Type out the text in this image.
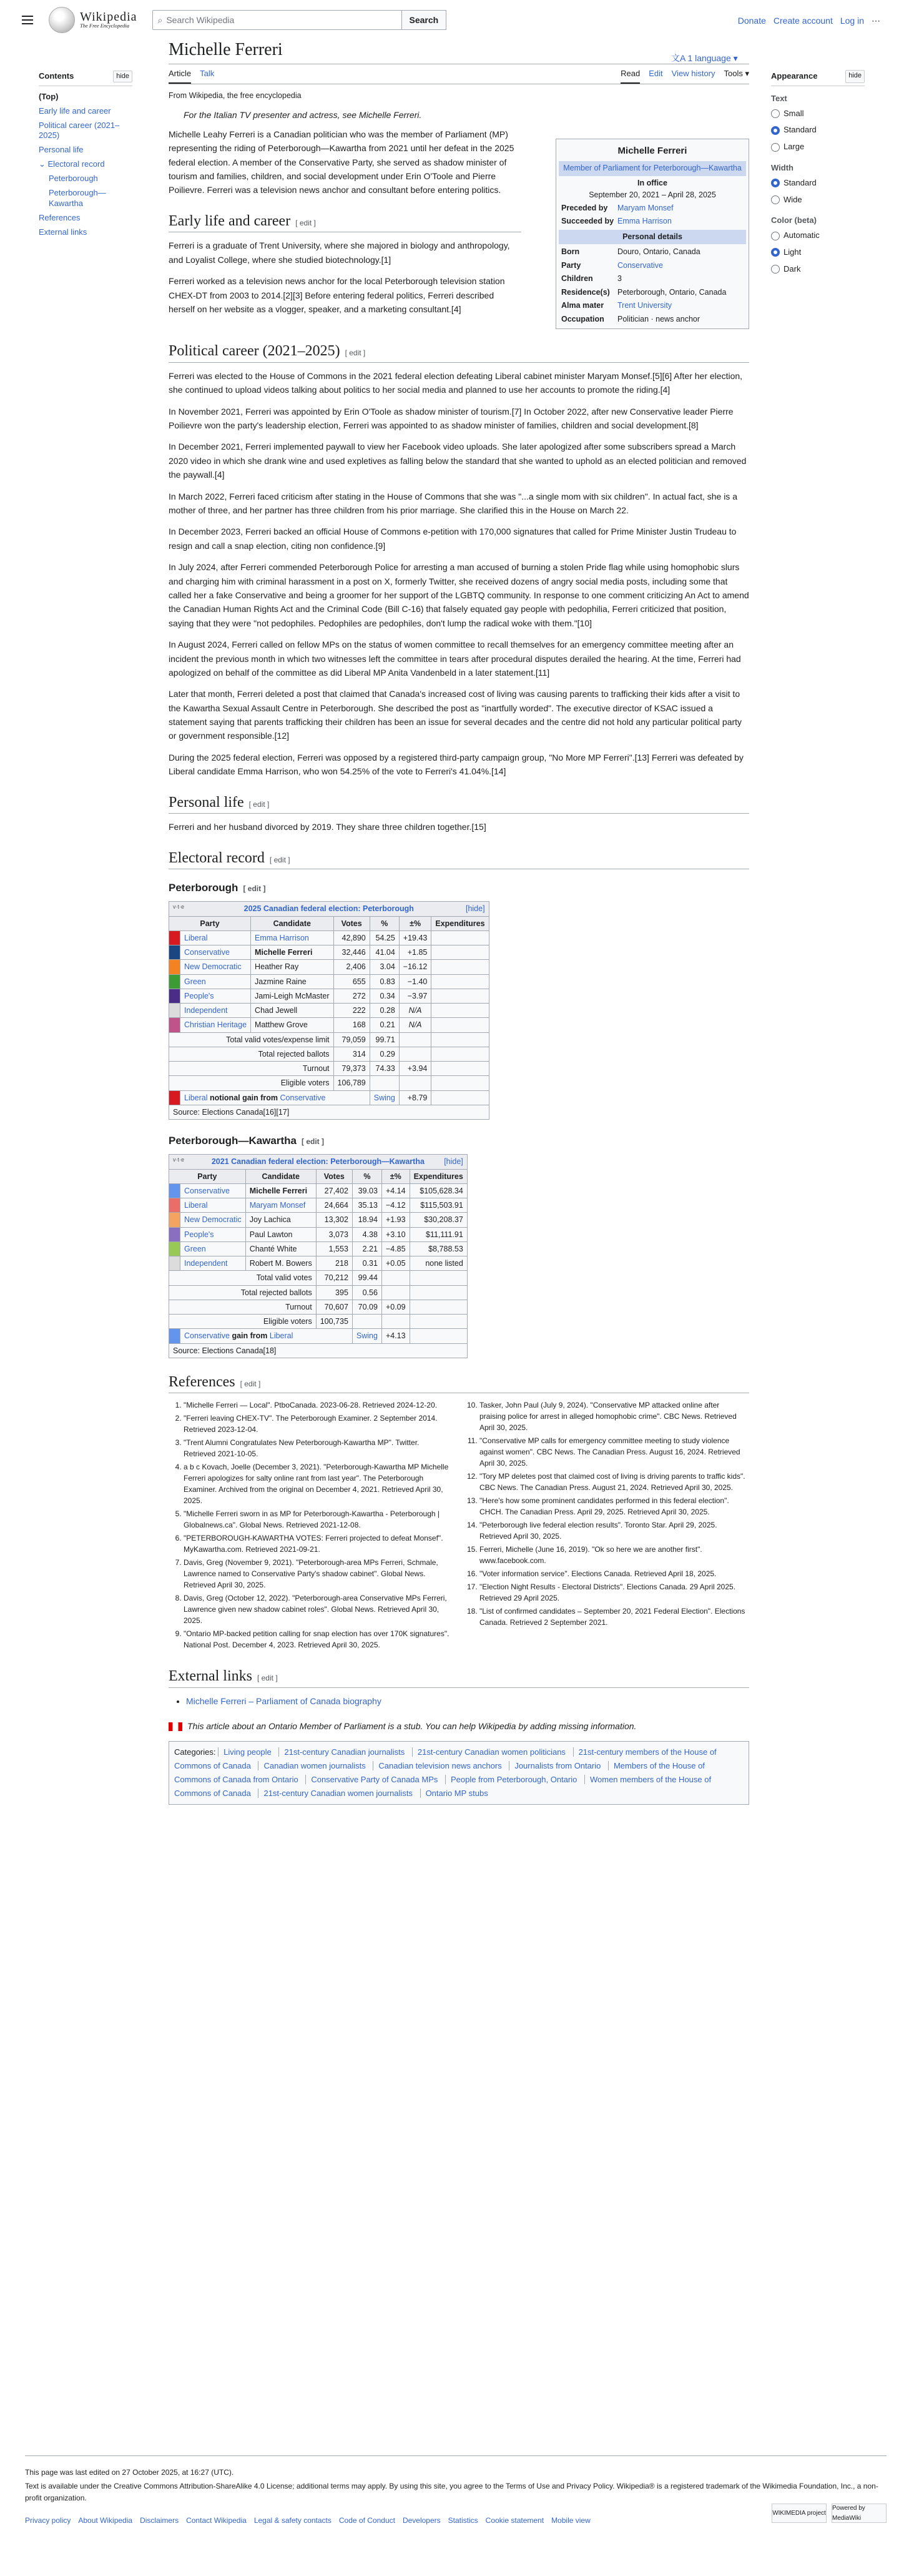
Wikipedia
The Free Encyclopedia
⌕ Search Wikipedia	Search	Donate Create account Log in ⋯
文A 1 language ▾
Contents	hide
(Top)
Early life and career
Political career (2021–2025)
Personal life
⌄ Electoral record
Peterborough
Peterborough—Kawartha
References
External links
Michelle Ferreri
Article Talk	Read Edit View history Tools ▾
From Wikipedia, the free encyclopedia
For the Italian TV presenter and actress, see Michelle Ferreri.
Michelle Ferreri
Member of Parliament for Peterborough—Kawartha
In office
September 20, 2021 – April 28, 2025
Preceded by	Maryam Monsef
Succeeded by Emma Harrison
Personal details
Born	Douro, Ontario, Canada
Party	Conservative
Children	3
Residence(s) Peterborough, Ontario, Canada
Alma mater	Trent University
Occupation	Politician · news anchor

Michelle Leahy Ferreri is a Canadian politician who was the member of Parliament (MP) representing the riding of Peterborough—Kawartha from 2021 until her defeat in the 2025 federal election. A member of the Conservative Party, she served as shadow minister of tourism and families, children, and social development under Erin O'Toole and Pierre Poilievre. Ferreri was a television news anchor and consultant before entering politics.

Early life and career [ edit ]

Ferreri is a graduate of Trent University, where she majored in biology and anthropology, and Loyalist College, where she studied biotechnology.[1]

Ferreri worked as a television news anchor for the local Peterborough television station CHEX-DT from 2003 to 2014.[2][3] Before entering federal politics, Ferreri described herself on her website as a vlogger, speaker, and a marketing consultant.[4]

Political career (2021–2025) [ edit ]

Ferreri was elected to the House of Commons in the 2021 federal election defeating Liberal cabinet minister Maryam Monsef.[5][6] After her election, she continued to upload videos talking about politics to her social media and planned to use her accounts to promote the riding.[4]

In November 2021, Ferreri was appointed by Erin O'Toole as shadow minister of tourism.[7] In October 2022, after new Conservative leader Pierre Poilievre won the party's leadership election, Ferreri was appointed to as shadow minister of families, children and social development.[8]

In December 2021, Ferreri implemented paywall to view her Facebook video uploads. She later apologized after some subscribers spread a March 2020 video in which she drank wine and used expletives as falling below the standard that she wanted to uphold as an elected politician and removed the paywall.[4]

In March 2022, Ferreri faced criticism after stating in the House of Commons that she was "...a single mom with six children". In actual fact, she is a mother of three, and her partner has three children from his prior marriage. She clarified this in the House on March 22.

In December 2023, Ferreri backed an official House of Commons e-petition with 170,000 signatures that called for Prime Minister Justin Trudeau to resign and call a snap election, citing non confidence.[9]

In July 2024, after Ferreri commended Peterborough Police for arresting a man accused of burning a stolen Pride flag while using homophobic slurs and charging him with criminal harassment in a post on X, formerly Twitter, she received dozens of angry social media posts, including some that called her a fake Conservative and being a groomer for her support of the LGBTQ community. In response to one comment criticizing An Act to amend the Canadian Human Rights Act and the Criminal Code (Bill C-16) that falsely equated gay people with pedophilia, Ferreri criticized that position, saying that they were "not pedophiles. Pedophiles are pedophiles, don't lump the radical woke with them."[10]

In August 2024, Ferreri called on fellow MPs on the status of women committee to recall themselves for an emergency committee meeting after an incident the previous month in which two witnesses left the committee in tears after procedural disputes derailed the hearing. At the time, Ferreri had apologized on behalf of the committee as did Liberal MP Anita Vandenbeld in a later statement.[11]

Later that month, Ferreri deleted a post that claimed that Canada's increased cost of living was causing parents to trafficking their kids after a visit to the Kawartha Sexual Assault Centre in Peterborough. She described the post as "inartfully worded". The executive director of KSAC issued a statement saying that parents trafficking their children has been an issue for several decades and the centre did not hold any particular political party or government responsible.[12]

During the 2025 federal election, Ferreri was opposed by a registered third-party campaign group, "No More MP Ferreri".[13] Ferreri was defeated by Liberal candidate Emma Harrison, who won 54.25% of the vote to Ferreri's 41.04%.[14]

Personal life [ edit ]

Ferreri and her husband divorced by 2019. They share three children together.[15]

Electoral record [ edit ]
Peterborough [ edit ]
v·t·e 2025 Canadian federal election: Peterborough [hide]						

Party		Candidate	Votes	%	±%	Expenditures
	Liberal	Emma Harrison	42,890	54.25	+19.43	
	Conservative	Michelle Ferreri	32,446	41.04	+1.85	
	New Democratic	Heather Ray	2,406	3.04	−16.12	
	Green	Jazmine Raine	655	0.83	−1.40	
	People's	Jami-Leigh McMaster	272	0.34	−3.97	
	Independent	Chad Jewell	222	0.28	N/A	
	Christian Heritage	Matthew Grove	168	0.21	N/A	
Total valid votes/expense limit			79,059	99.71		
Total rejected ballots			314	0.29		
Turnout			79,373	74.33	+3.94	
Eligible voters			106,789			
	Liberal notional gain from Conservative			Swing	+8.79	
Source: Elections Canada[16][17]						
Peterborough—Kawartha [ edit ]
v·t·e 2021 Canadian federal election: Peterborough—Kawartha [hide]						

Party		Candidate	Votes	%	±%	Expenditures
	Conservative	Michelle Ferreri	27,402	39.03	+4.14	$105,628.34
	Liberal	Maryam Monsef	24,664	35.13	−4.12	$115,503.91
	New Democratic	Joy Lachica	13,302	18.94	+1.93	$30,208.37
	People's	Paul Lawton	3,073	4.38	+3.10	$11,111.91
	Green	Chanté White	1,553	2.21	−4.85	$8,788.53
	Independent	Robert M. Bowers	218	0.31	+0.05	none listed
Total valid votes			70,212	99.44		
Total rejected ballots			395	0.56		
Turnout			70,607	70.09	+0.09	
Eligible voters			100,735			
	Conservative gain from Liberal			Swing	+4.13	
Source: Elections Canada[18]						
References [ edit ]
1. "Michelle Ferreri — Local". PtboCanada. 2023-06-28. Retrieved 2024-12-20.
2. "Ferreri leaving CHEX-TV". The Peterborough Examiner. 2 September 2014. Retrieved 2023-12-04.
3. "Trent Alumni Congratulates New Peterborough-Kawartha MP". Twitter. Retrieved 2021-10-05.
4. a b c Kovach, Joelle (December 3, 2021). "Peterborough-Kawartha MP Michelle Ferreri apologizes for salty online rant from last year". The Peterborough Examiner. Archived from the original on December 4, 2021. Retrieved April 30, 2025.
5. "Michelle Ferreri sworn in as MP for Peterborough-Kawartha - Peterborough | Globalnews.ca". Global News. Retrieved 2021-12-08.
6. "PETERBOROUGH-KAWARTHA VOTES: Ferreri projected to defeat Monsef". MyKawartha.com. Retrieved 2021-09-21.
7. Davis, Greg (November 9, 2021). "Peterborough-area MPs Ferreri, Schmale, Lawrence named to Conservative Party's shadow cabinet". Global News. Retrieved April 30, 2025.
8. Davis, Greg (October 12, 2022). "Peterborough-area Conservative MPs Ferreri, Lawrence given new shadow cabinet roles". Global News. Retrieved April 30, 2025.
9. "Ontario MP-backed petition calling for snap election has over 170K signatures". National Post. December 4, 2023. Retrieved April 30, 2025.
10. Tasker, John Paul (July 9, 2024). "Conservative MP attacked online after praising police for arrest in alleged homophobic crime". CBC News. Retrieved April 30, 2025.
11. "Conservative MP calls for emergency committee meeting to study violence against women". CBC News. The Canadian Press. August 16, 2024. Retrieved April 30, 2025.
12. "Tory MP deletes post that claimed cost of living is driving parents to traffic kids". CBC News. The Canadian Press. August 21, 2024. Retrieved April 30, 2025.
13. "Here's how some prominent candidates performed in this federal election". CHCH. The Canadian Press. April 29, 2025. Retrieved April 30, 2025.
14. "Peterborough live federal election results". Toronto Star. April 29, 2025. Retrieved April 30, 2025.
15. Ferreri, Michelle (June 16, 2019). "Ok so here we are another first". www.facebook.com.
16. "Voter information service". Elections Canada. Retrieved April 18, 2025.
17. "Election Night Results - Electoral Districts". Elections Canada. 29 April 2025. Retrieved 29 April 2025.
18. "List of confirmed candidates – September 20, 2021 Federal Election". Elections Canada. Retrieved 2 September 2021.
External links [ edit ]
• Michelle Ferreri – Parliament of Canada biography
This article about an Ontario Member of Parliament is a stub. You can help Wikipedia by adding missing information.
Categories: Living people 21st-century Canadian journalists 21st-century Canadian women politicians 21st-century members of the House of Commons of Canada Canadian women journalists Canadian television news anchors Journalists from Ontario Members of the House of Commons of Canada from Ontario Conservative Party of Canada MPs People from Peterborough, Ontario Women members of the House of Commons of Canada 21st-century Canadian women journalists Ontario MP stubs
Appearance	hide
Text
Small
Standard
Large
Width
Standard
Wide
Color (beta)
Automatic
Light
Dark

This page was last edited on 27 October 2025, at 16:27 (UTC).

Text is available under the Creative Commons Attribution-ShareAlike 4.0 License; additional terms may apply. By using this site, you agree to the Terms of Use and Privacy Policy. Wikipedia® is a registered trademark of the Wikimedia Foundation, Inc., a non-profit organization.

Privacy policy About Wikipedia Disclaimers Contact Wikipedia Legal & safety contacts Code of Conduct Developers Statistics Cookie statement Mobile view
WIKIMEDIA project
Powered by MediaWiki
